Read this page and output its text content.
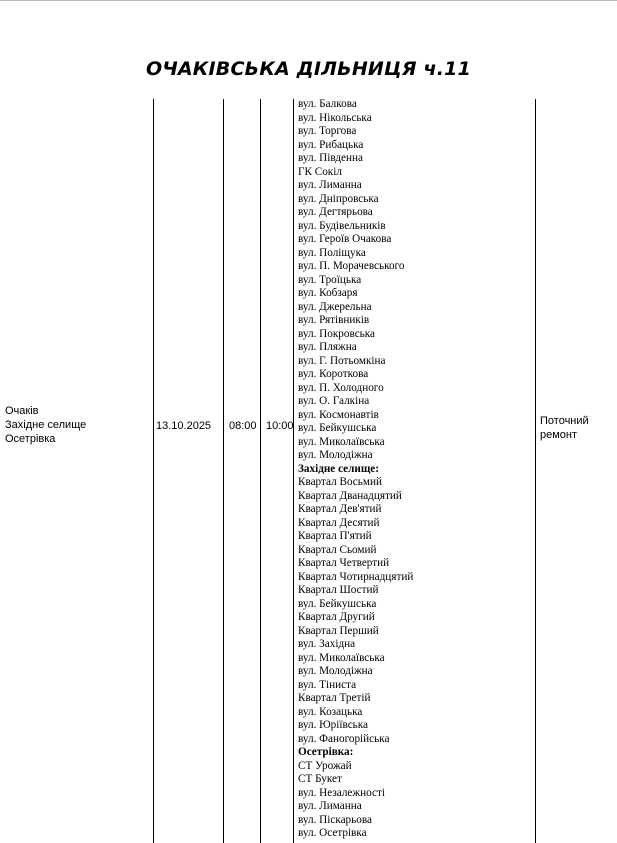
ОЧАКІВСЬКА ДІЛЬНИЦЯ ч.11
Очаків
Західне селище
Осетрівка
13.10.2025 08:00 10:00	Поточний
ремонт
вул. Балкова
вул. Нікольська
вул. Торгова
вул. Рибацька
вул. Південна
ГК Сокіл
вул. Лиманна
вул. Дніпровська
вул. Дегтярьова
вул. Будівельників
вул. Героїв Очакова
вул. Поліщука
вул. П. Морачевського
вул. Троїцька
вул. Кобзаря
вул. Джерельна
вул. Рятівників
вул. Покровська
вул. Пляжна
вул. Г. Потьомкіна
вул. Короткова
вул. П. Холодного
вул. О. Галкіна
вул. Космонавтів
вул. Бейкушська
вул. Миколаївська
вул. Молодіжна
Західне селище:
Квартал Восьмий
Квартал Дванадцятий
Квартал Дев'ятий
Квартал Десятий
Квартал П'ятий
Квартал Сьомий
Квартал Четвертий
Квартал Чотирнадцятий
Квартал Шостий
вул. Бейкушська
Квартал Другий
Квартал Перший
вул. Західна
вул. Миколаївська
вул. Молодіжна
вул. Тіниста
Квартал Третій
вул. Козацька
вул. Юріївська
вул. Фаногорійська
Осетрівка:
СТ Урожай
СТ Букет
вул. Незалежності
вул. Лиманна
вул. Піскарьова
вул. Осетрівка
